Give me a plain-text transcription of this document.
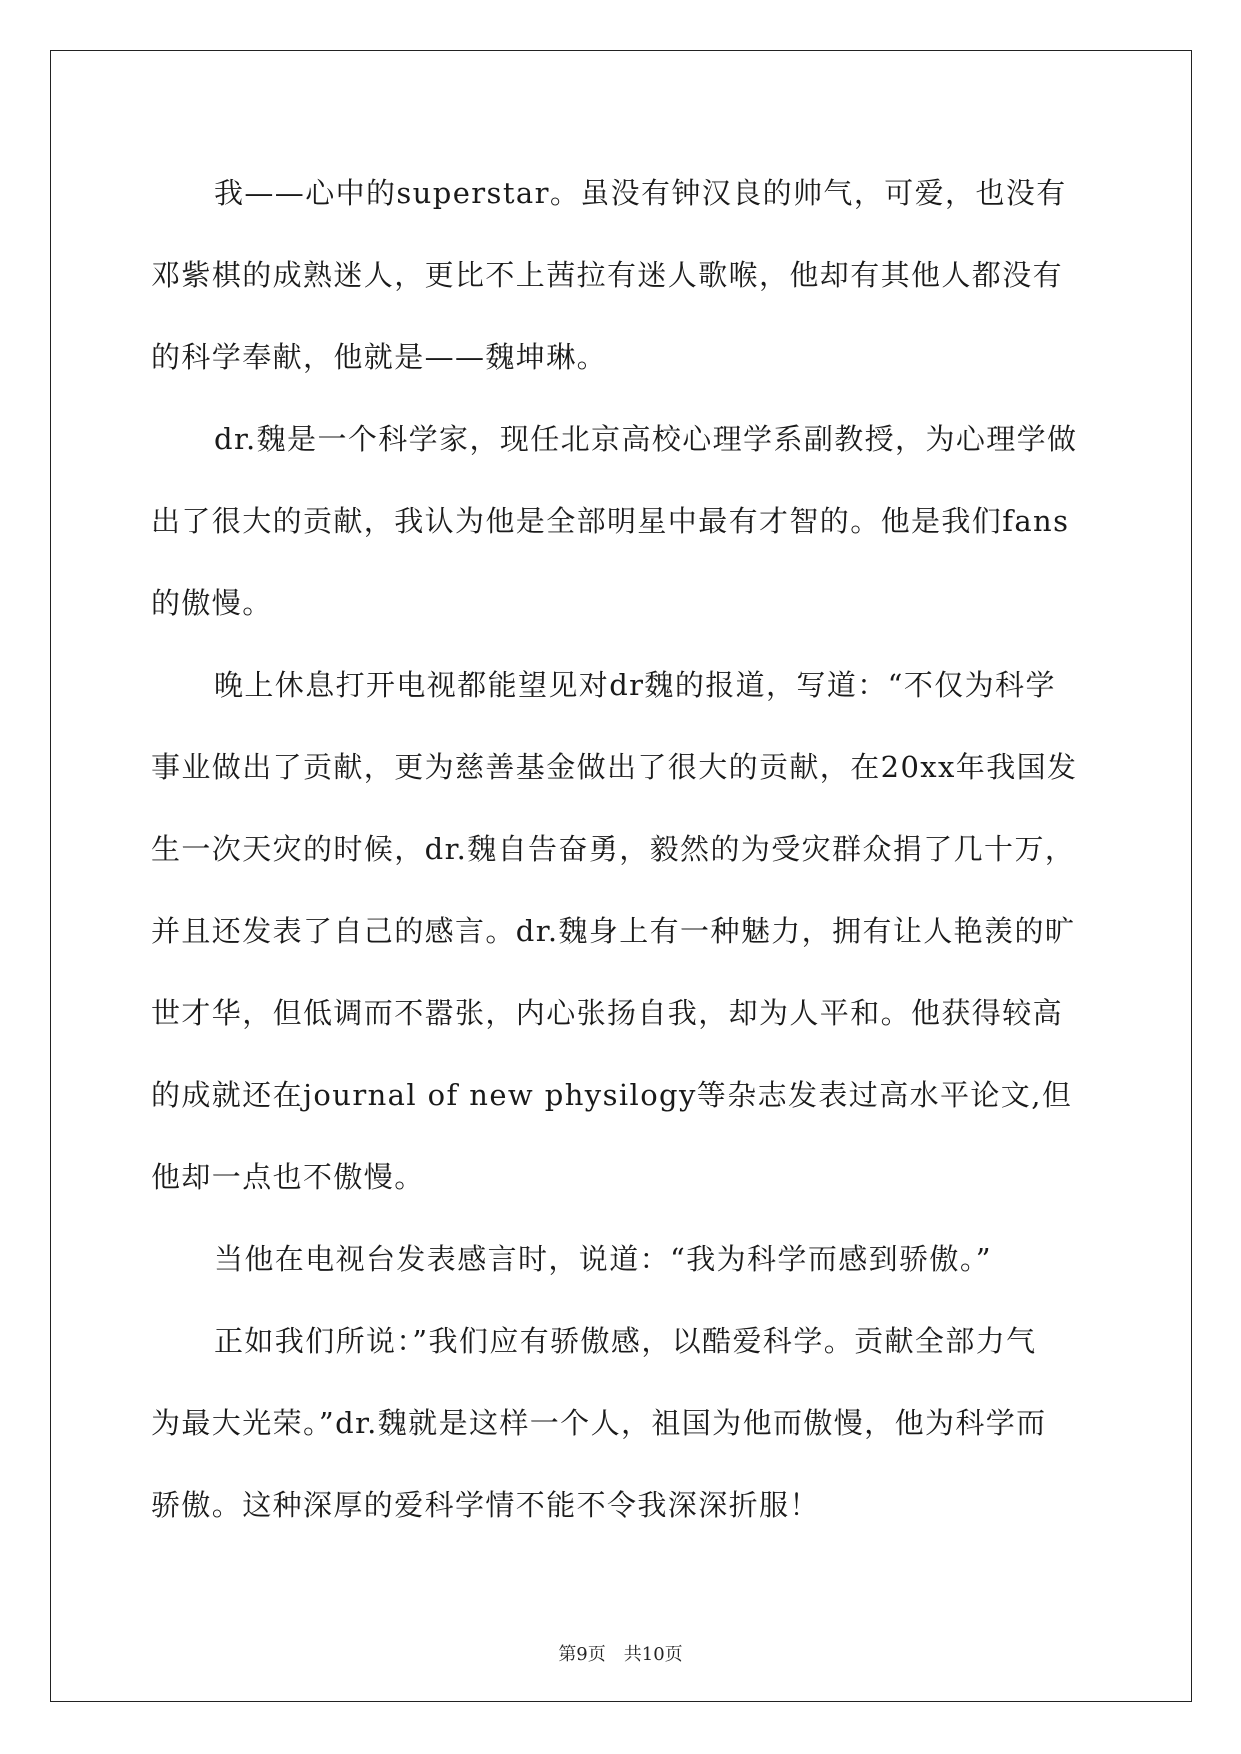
我——心中的superstar。虽没有钟汉良的帅气，可爱，也没有
邓紫棋的成熟迷人，更比不上茜拉有迷人歌喉，他却有其他人都没有
的科学奉献，他就是——魏坤琳。
dr.魏是一个科学家，现任北京高校心理学系副教授，为心理学做
出了很大的贡献，我认为他是全部明星中最有才智的。他是我们fans
的傲慢。
晚上休息打开电视都能望见对dr魏的报道，写道：“不仅为科学
事业做出了贡献，更为慈善基金做出了很大的贡献，在20xx年我国发
生一次天灾的时候，dr.魏自告奋勇，毅然的为受灾群众捐了几十万，
并且还发表了自己的感言。dr.魏身上有一种魅力，拥有让人艳羡的旷
世才华，但低调而不嚣张，内心张扬自我，却为人平和。他获得较高
的成就还在journal of new physilogy等杂志发表过高水平论文,但
他却一点也不傲慢。
当他在电视台发表感言时，说道：“我为科学而感到骄傲。”
正如我们所说：”我们应有骄傲感，以酷爱科学。贡献全部力气
为最大光荣。”dr.魏就是这样一个人，祖国为他而傲慢，他为科学而
骄傲。这种深厚的爱科学情不能不令我深深折服！
第9页 共10页
